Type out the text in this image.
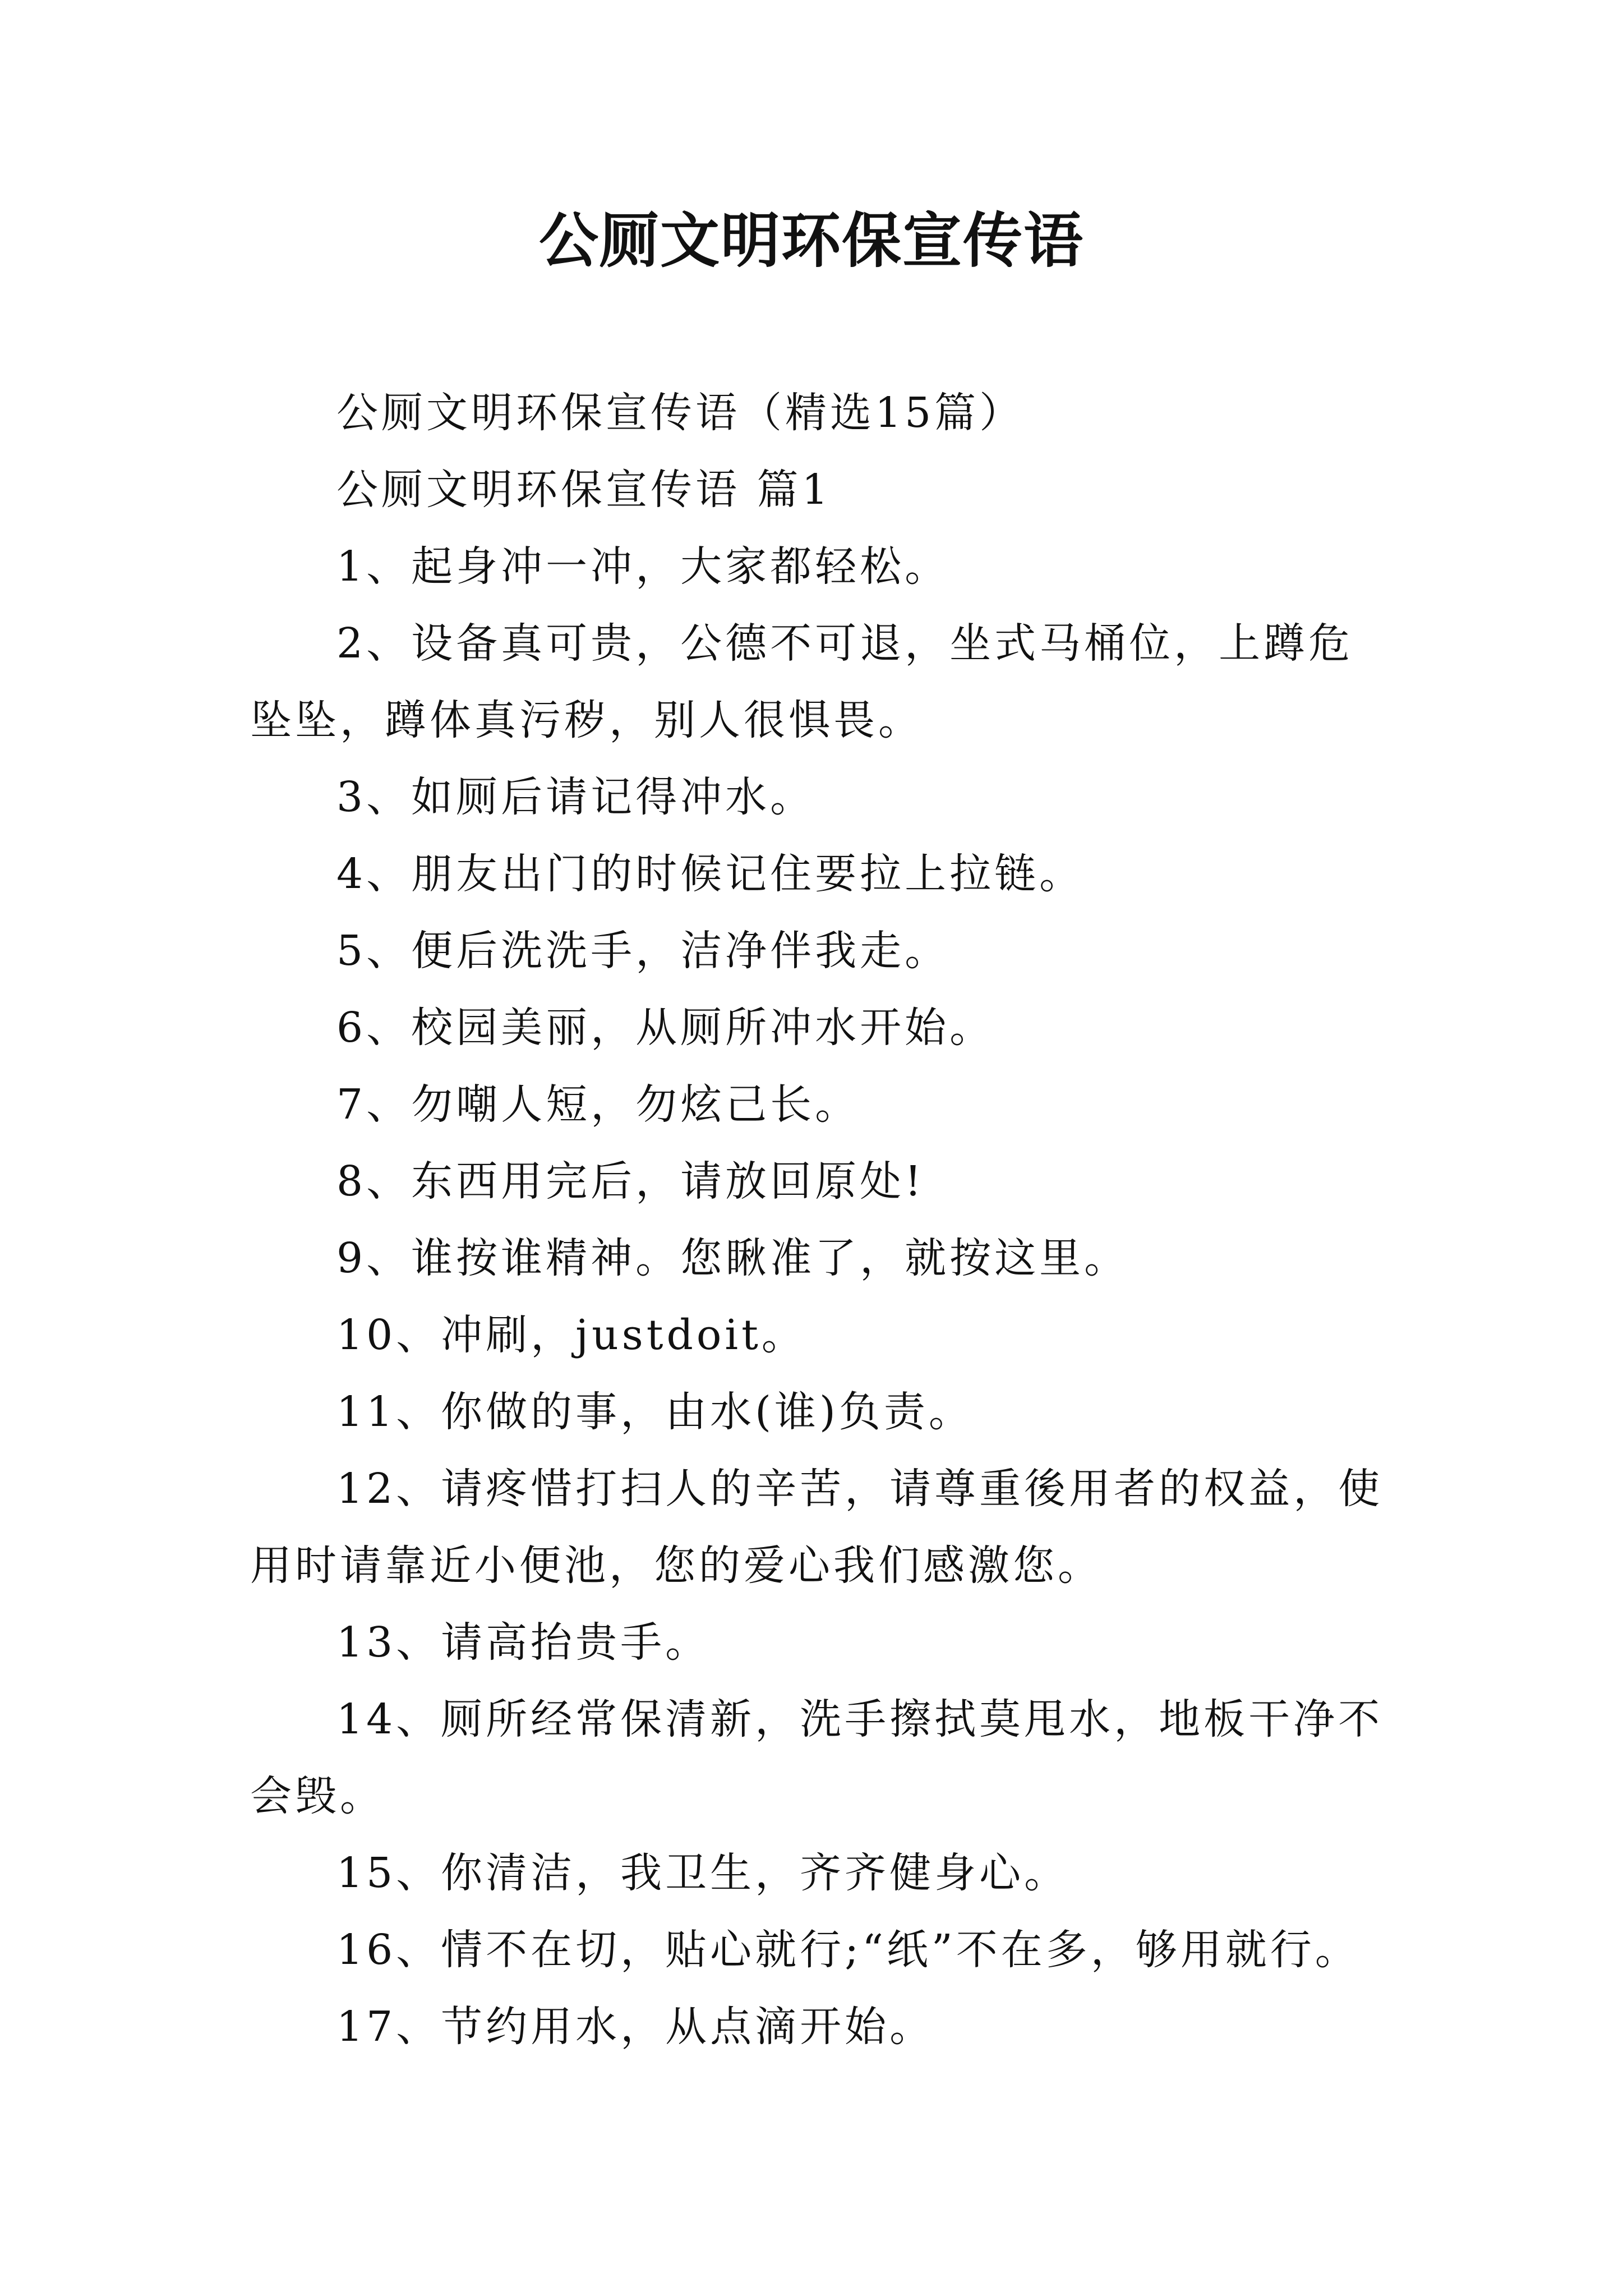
公厕文明环保宣传语

公厕文明环保宣传语（精选15篇）

公厕文明环保宣传语 篇1

1、起身冲一冲，大家都轻松。

2、设备真可贵，公德不可退，坐式马桶位，上蹲危坠坠，蹲体真污秽，别人很惧畏。

3、如厕后请记得冲水。

4、朋友出门的时候记住要拉上拉链。

5、便后洗洗手，洁净伴我走。

6、校园美丽，从厕所冲水开始。

7、勿嘲人短，勿炫己长。

8、东西用完后，请放回原处!

9、谁按谁精神。您瞅准了，就按这里。

10、冲刷，justdoit。

11、你做的事，由水(谁)负责。

12、请疼惜打扫人的辛苦，请尊重後用者的权益，使用时请靠近小便池，您的爱心我们感激您。

13、请高抬贵手。

14、厕所经常保清新，洗手擦拭莫甩水，地板干净不会毁。

15、你清洁，我卫生，齐齐健身心。

16、情不在切，贴心就行;“纸”不在多，够用就行。

17、节约用水，从点滴开始。
